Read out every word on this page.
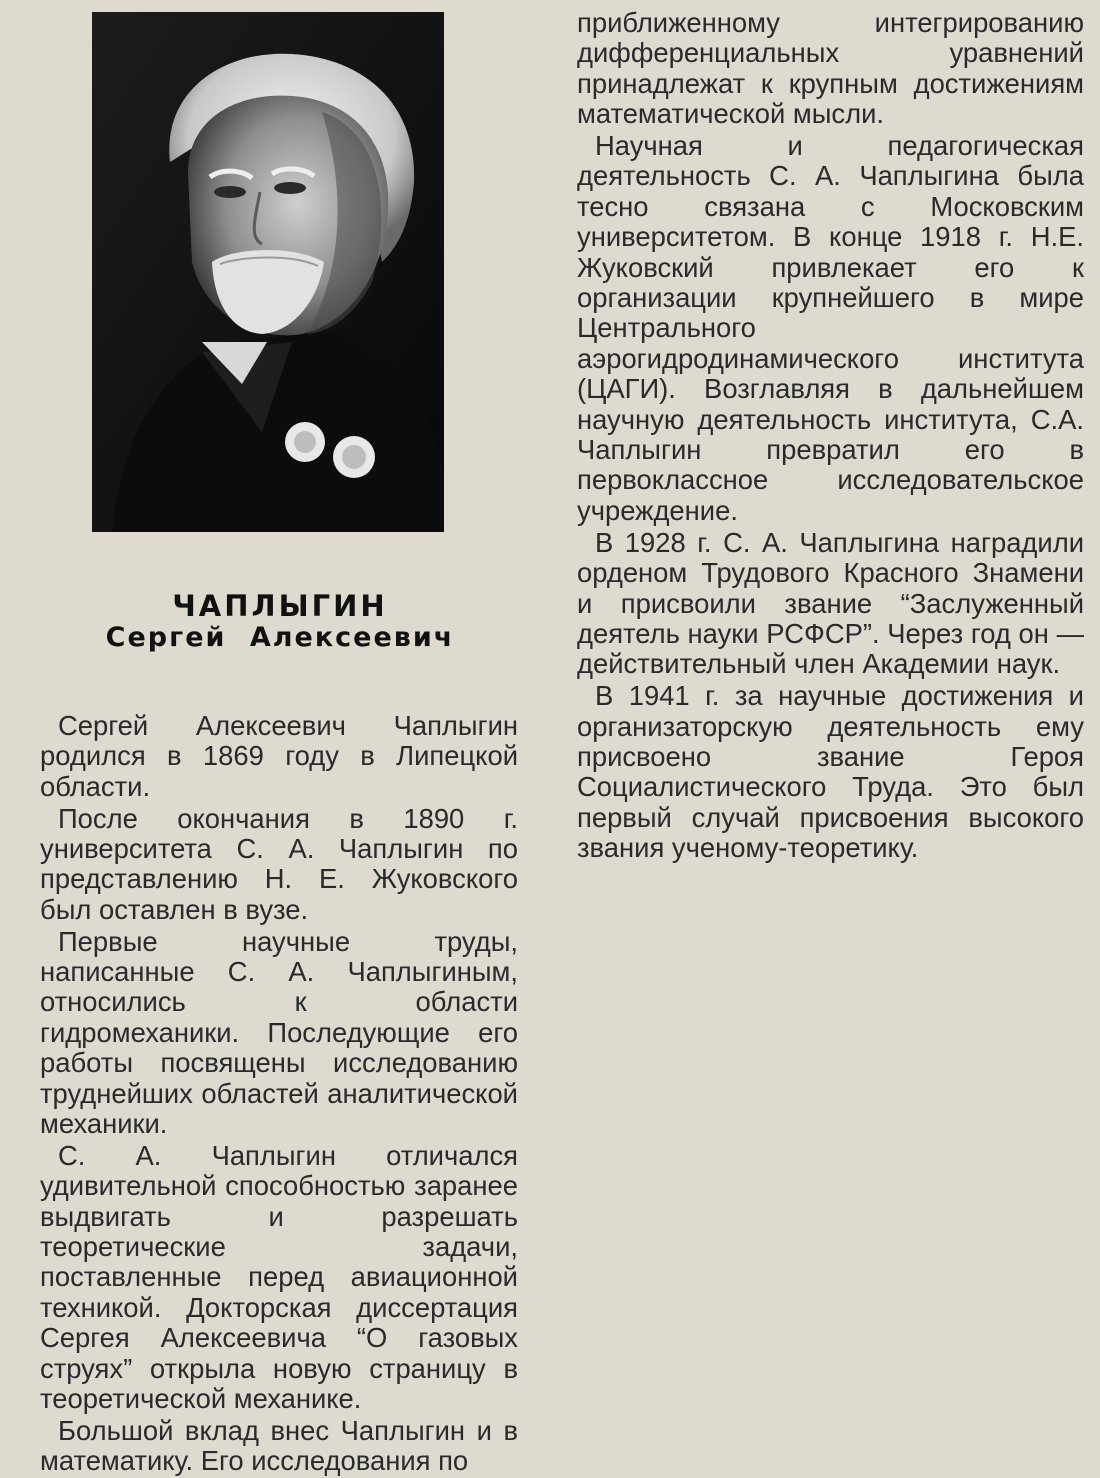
ЧАПЛЫГИН
Сергей Алексеевич

Сергей Алексеевич Чаплыгин родился в 1869 году в Липецкой области.

После окончания в 1890 г. университета С. А. Чаплыгин по представлению Н. Е. Жуковского был оставлен в вузе.

Первые научные труды, написанные С. А. Чаплыгиным, относились к области гидромеханики. Последующие его работы посвящены исследованию труднейших областей аналитической механики.

С. А. Чаплыгин отличался удивительной способностью заранее выдвигать и разрешать теоретические задачи, поставленные перед авиационной техникой. Докторская диссертация Сергея Алексеевича “О газовых струях” открыла новую страницу в теоретической механике.

Большой вклад внес Чаплыгин и в математику. Его исследования по

приближенному интегрированию дифференциальных уравнений принадлежат к крупным достижениям математической мысли.

Научная и педагогическая деятельность С. А. Чаплыгина была тесно связана с Московским университетом. В конце 1918 г. Н.Е. Жуковский привлекает его к организации крупнейшего в мире Центрального аэрогидродинамического института (ЦАГИ). Возглавляя в дальнейшем научную деятельность института, С.А. Чаплыгин превратил его в первоклассное исследовательское учреждение.

В 1928 г. С. А. Чаплыгина наградили орденом Трудового Красного Знамени и присвоили звание “Заслуженный деятель науки РСФСР”. Через год он — действительный член Академии наук.

В 1941 г. за научные достижения и организаторскую деятельность ему присвоено звание Героя Социалистического Труда. Это был первый случай присвоения высокого звания ученому-теоретику.
